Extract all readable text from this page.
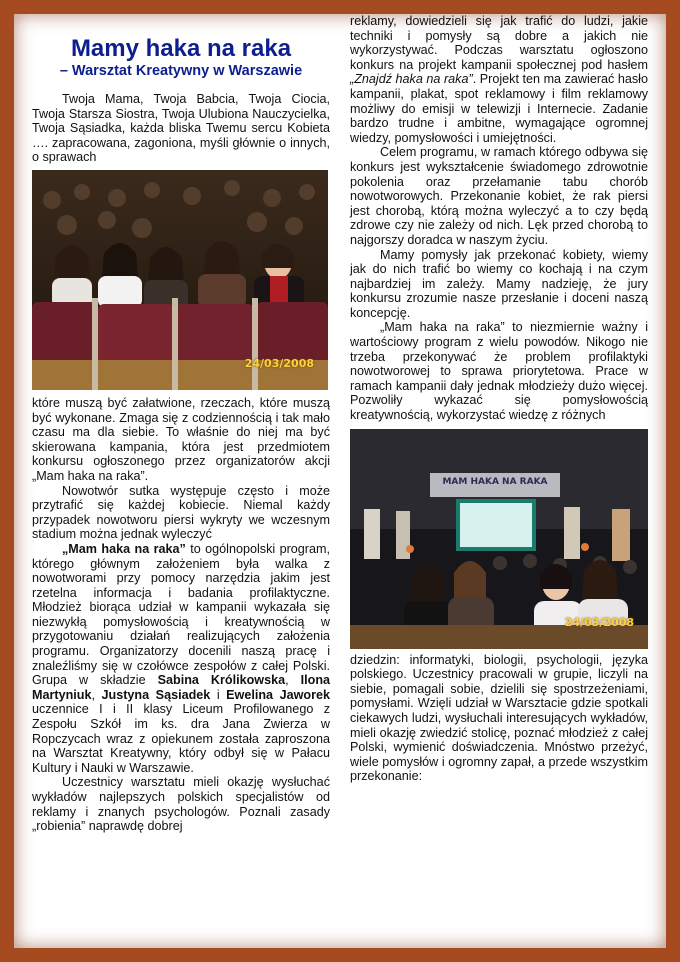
Mamy haka na raka
– Warsztat Kreatywny w Warszawie
Twoja Mama, Twoja Babcia, Twoja Ciocia, Twoja Starsza Siostra, Twoja Ulubiona Nauczycielka, Twoja Sąsiadka, każda bliska Twemu sercu Kobieta …. zapracowana, zagoniona, myśli głównie o innych, o sprawach
24/03/2008
które muszą być załatwione, rzeczach, które muszą być wykonane. Zmaga się z codziennością i tak mało czasu ma dla siebie. To właśnie do niej ma być skierowana kampania, która jest przedmiotem konkursu ogłoszonego przez organizatorów akcji „Mam haka na raka”.
Nowotwór sutka występuje często i może przytrafić się każdej kobiecie. Niemal każdy przypadek nowotworu piersi wykryty we wczesnym stadium można jednak wyleczyć
„Mam haka na raka” to ogólnopolski program, którego głównym założeniem była walka z nowotworami przy pomocy narzędzia jakim jest rzetelna informacja i badania profilaktyczne. Młodzież biorąca udział w kampanii wykazała się niezwykłą pomysłowością i kreatywnością w przygotowaniu działań realizujących założenia programu. Organizatorzy docenili naszą pracę i znaleźliśmy się w czołówce zespołów z całej Polski. Grupa w składzie Sabina Królikowska, Ilona Martyniuk, Justyna Sąsiadek i Ewelina Jaworek uczennice I i II klasy Liceum Profilowanego z Zespołu Szkół im ks. dra Jana Zwierza w Ropczycach wraz z opiekunem została zaproszona na Warsztat Kreatywny, który odbył się w Pałacu Kultury i Nauki w Warszawie.
Uczestnicy warsztatu mieli okazję wysłuchać wykładów najlepszych polskich specjalistów od reklamy i znanych psychologów. Poznali zasady „robienia” naprawdę dobrej
reklamy, dowiedzieli się jak trafić do ludzi, jakie techniki i pomysły są dobre a jakich nie wykorzystywać. Podczas warsztatu ogłoszono konkurs na projekt kampanii społecznej pod hasłem „Znajdź haka na raka”. Projekt ten ma zawierać hasło kampanii, plakat, spot reklamowy i film reklamowy możliwy do emisji w telewizji i Internecie. Zadanie bardzo trudne i ambitne, wymagające ogromnej wiedzy, pomysłowości i umiejętności.
Celem programu, w ramach którego odbywa się konkurs jest wykształcenie świadomego zdrowotnie pokolenia oraz przełamanie tabu chorób nowotworowych. Przekonanie kobiet, że rak piersi jest chorobą, którą można wyleczyć a to czy będą zdrowe czy nie zależy od nich. Lęk przed chorobą to najgorszy doradca w naszym życiu.
Mamy pomysły jak przekonać kobiety, wiemy jak do nich trafić bo wiemy co kochają i na czym najbardziej im zależy. Mamy nadzieję, że jury konkursu zrozumie nasze przesłanie i doceni naszą koncepcję.
„Mam haka na raka” to niezmiernie ważny i wartościowy program z wielu powodów. Nikogo nie trzeba przekonywać że problem profilaktyki nowotworowej to sprawa priorytetowa. Prace w ramach kampanii dały jednak młodzieży dużo więcej. Pozwoliły wykazać się pomysłowością kreatywnością, wykorzystać wiedzę z różnych
MAM HAKA NA RAKA
24/03/2008
dziedzin: informatyki, biologii, psychologii, języka polskiego. Uczestnicy pracowali w grupie, liczyli na siebie, pomagali sobie, dzielili się spostrzeżeniami, pomysłami. Wzięli udział w Warsztacie gdzie spotkali ciekawych ludzi, wysłuchali interesujących wykładów, mieli okazję zwiedzić stolicę, poznać młodzież z całej Polski, wymienić doświadczenia. Mnóstwo przeżyć, wiele pomysłów i ogromny zapał, a przede wszystkim przekonanie:
